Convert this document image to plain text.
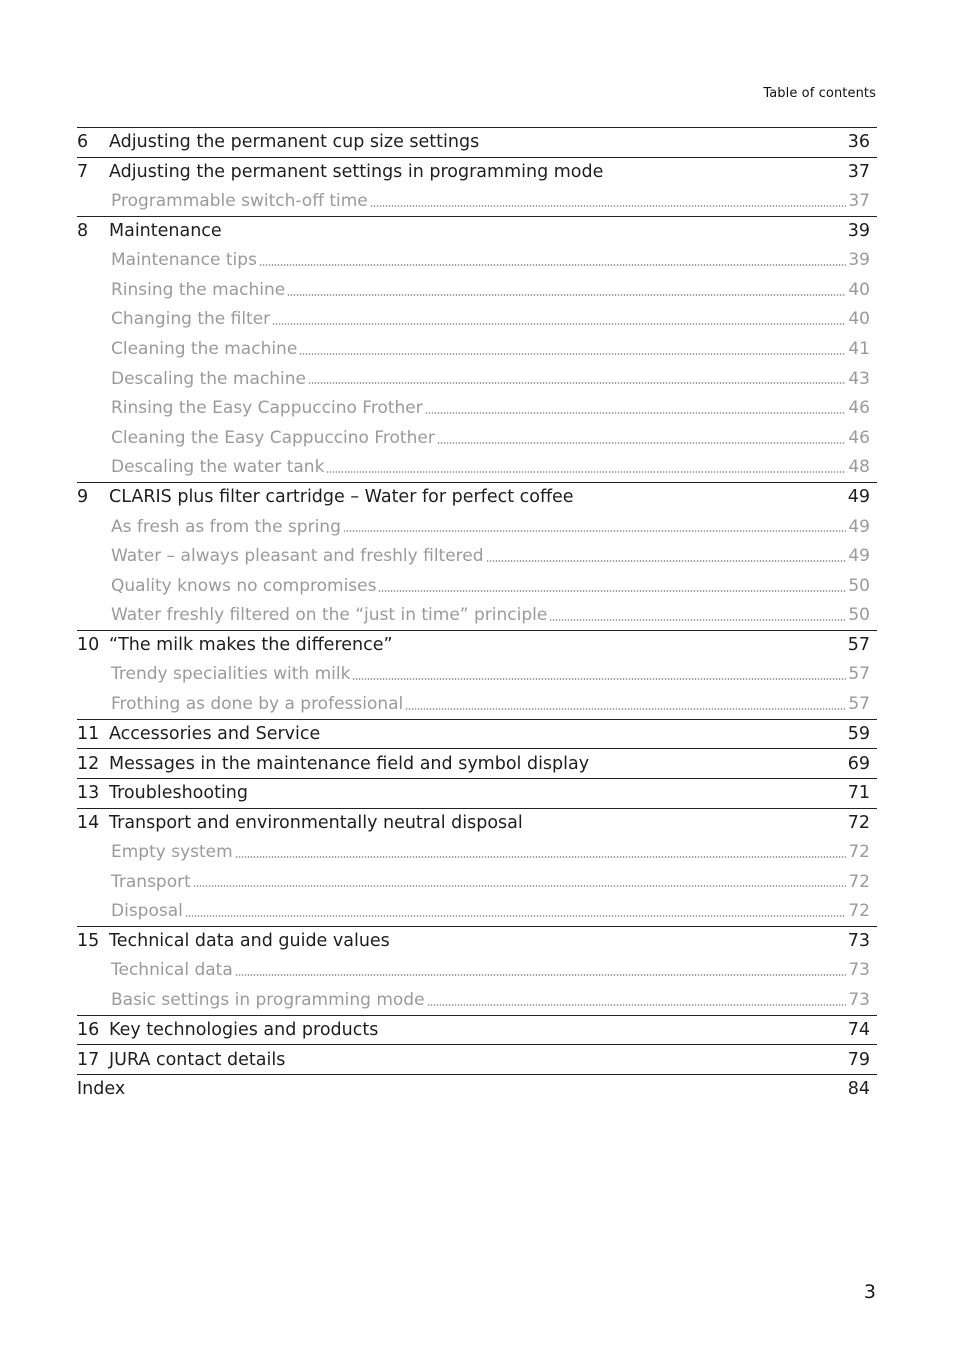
Table of contents
6	Adjusting the permanent cup size settings	36
7	Adjusting the permanent settings in programming mode	37
Programmable switch-off time	37
8	Maintenance	39
Maintenance tips	39
Rinsing the machine	40
Changing the filter	40
Cleaning the machine	41
Descaling the machine	43
Rinsing the Easy Cappuccino Frother	46
Cleaning the Easy Cappuccino Frother	46
Descaling the water tank	48
9	CLARIS plus filter cartridge – Water for perfect coffee	49
As fresh as from the spring	49
Water – always pleasant and freshly filtered	49
Quality knows no compromises	50
Water freshly filtered on the “just in time” principle	50
10 “The milk makes the difference”	57
Trendy specialities with milk	57
Frothing as done by a professional	57
11 Accessories and Service	59
12 Messages in the maintenance field and symbol display	69
13 Troubleshooting	71
14 Transport and environmentally neutral disposal	72
Empty system	72
Transport	72
Disposal	72
15 Technical data and guide values	73
Technical data	73
Basic settings in programming mode	73
16 Key technologies and products	74
17 JURA contact details	79
Index	84
3
